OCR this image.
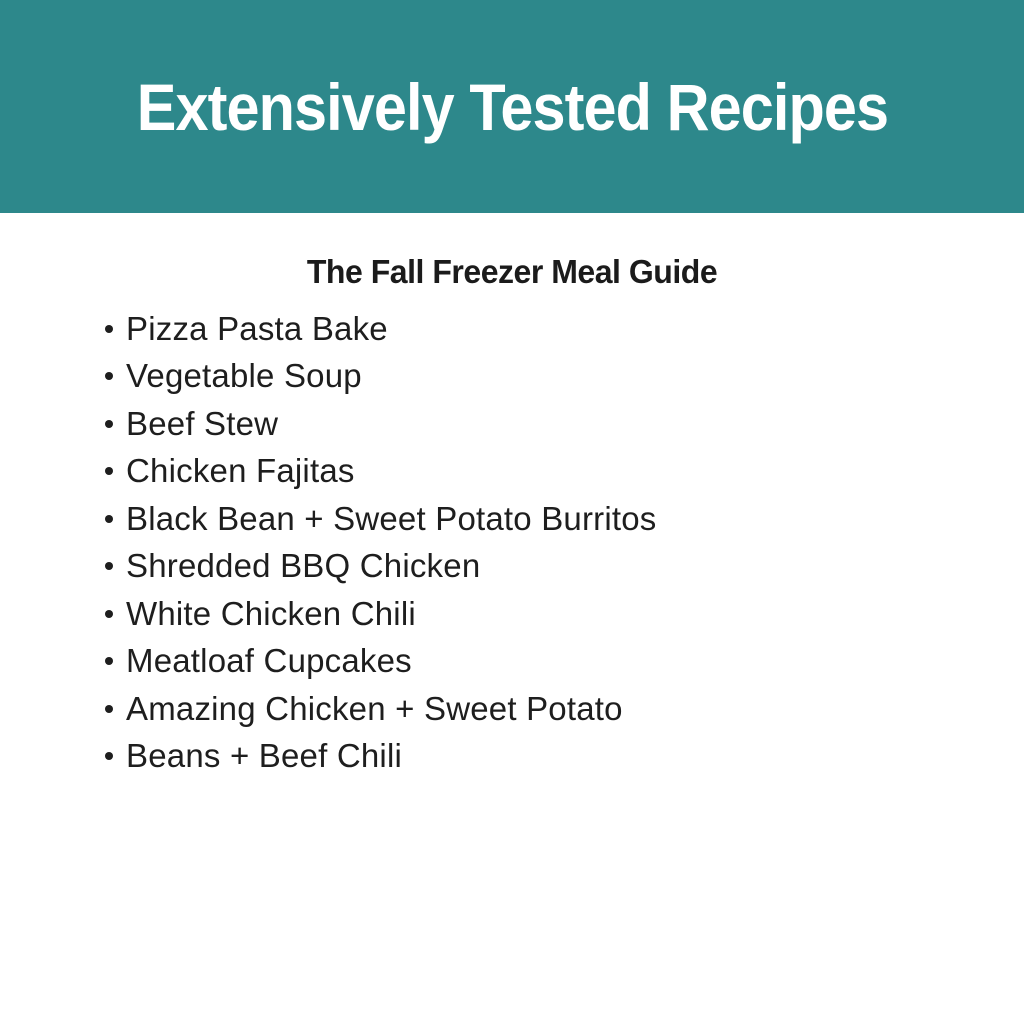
Extensively Tested Recipes
The Fall Freezer Meal Guide
Pizza Pasta Bake
Vegetable Soup
Beef Stew
Chicken Fajitas
Black Bean + Sweet Potato Burritos
Shredded BBQ Chicken
White Chicken Chili
Meatloaf Cupcakes
Amazing Chicken + Sweet Potato
Beans + Beef Chili
